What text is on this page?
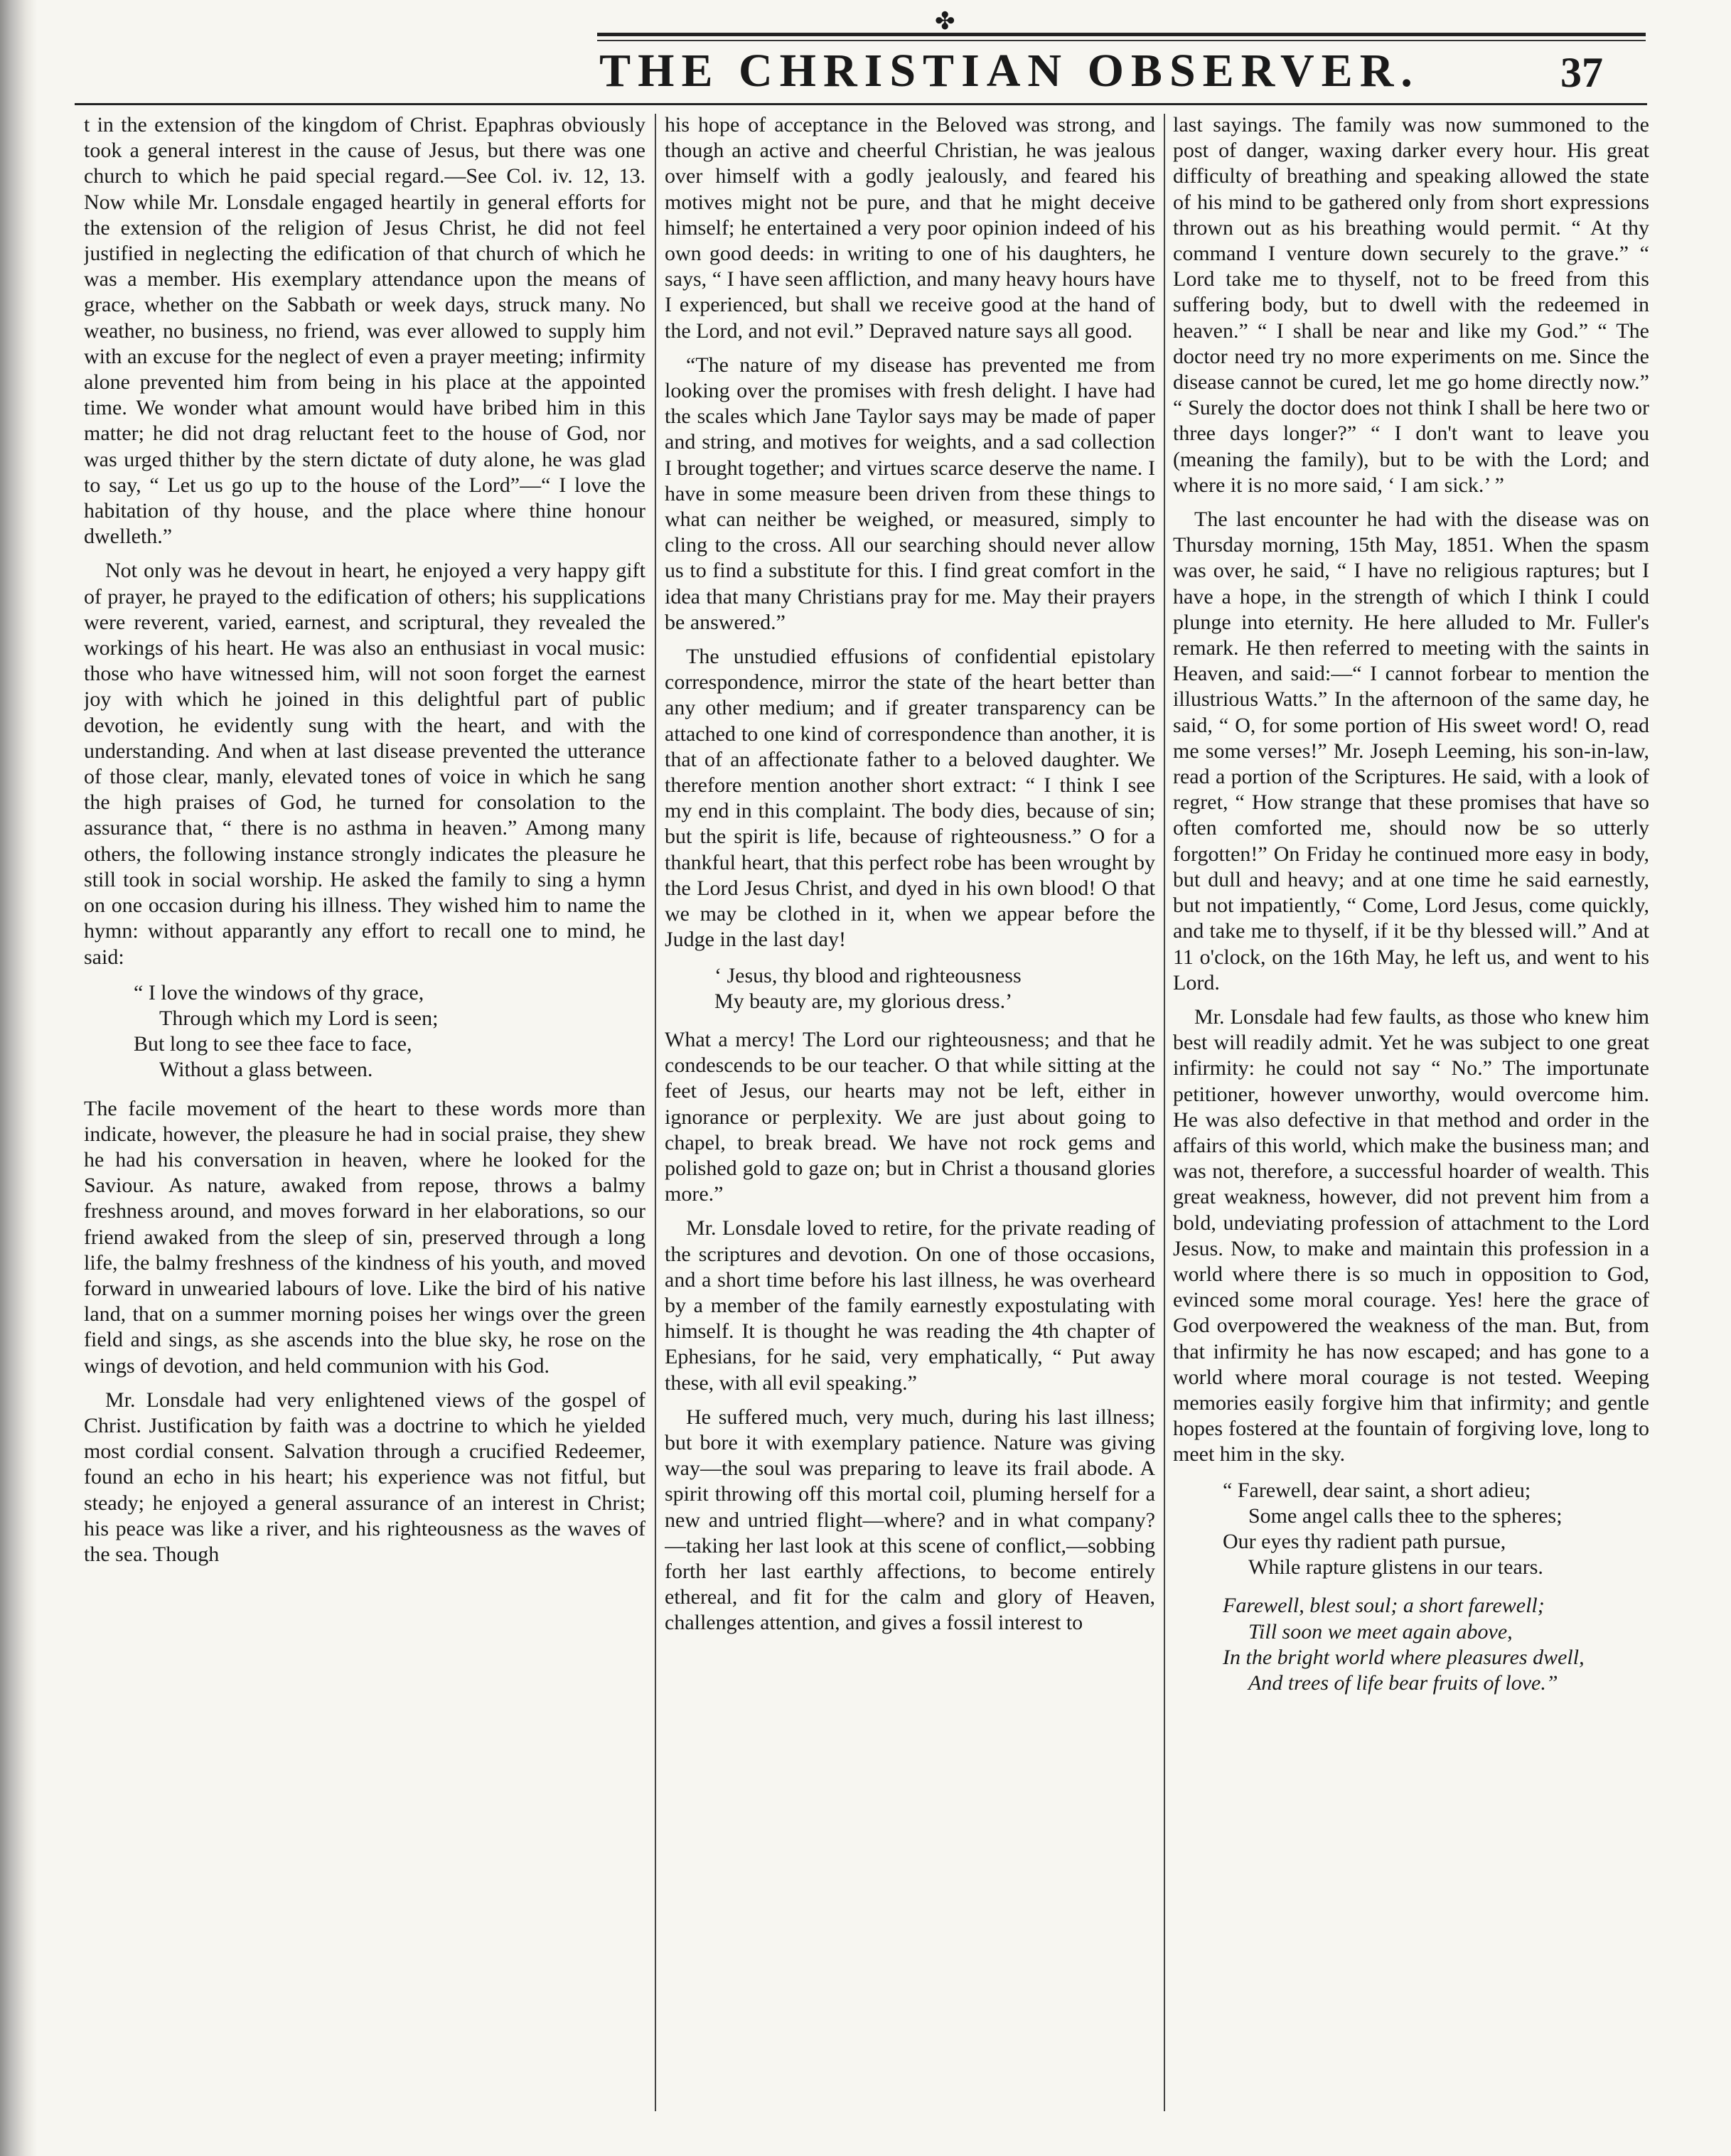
✤
THE CHRISTIAN OBSERVER.	37

t in the extension of the kingdom of Christ. Epaphras obviously took a general interest in the cause of Jesus, but there was one church to which he paid special regard.—See Col. iv. 12, 13. Now while Mr. Lonsdale engaged heartily in general efforts for the extension of the religion of Jesus Christ, he did not feel justified in neglecting the edification of that church of which he was a member. His exemplary attendance upon the means of grace, whether on the Sabbath or week days, struck many. No weather, no business, no friend, was ever allowed to supply him with an excuse for the neglect of even a prayer meeting; infirmity alone prevented him from being in his place at the appointed time. We wonder what amount would have bribed him in this matter; he did not drag reluctant feet to the house of God, nor was urged thither by the stern dictate of duty alone, he was glad to say, “ Let us go up to the house of the Lord”—“ I love the habitation of thy house, and the place where thine honour dwelleth.”

Not only was he devout in heart, he enjoyed a very happy gift of prayer, he prayed to the edification of others; his supplications were reverent, varied, earnest, and scriptural, they revealed the workings of his heart. He was also an enthusiast in vocal music: those who have witnessed him, will not soon forget the earnest joy with which he joined in this delightful part of public devotion, he evidently sung with the heart, and with the understanding. And when at last disease prevented the utterance of those clear, manly, elevated tones of voice in which he sang the high praises of God, he turned for consolation to the assurance that, “ there is no asthma in heaven.” Among many others, the following instance strongly indicates the pleasure he still took in social worship. He asked the family to sing a hymn on one occasion during his illness. They wished him to name the hymn: without apparantly any effort to recall one to mind, he said:

“ I love the windows of thy grace,
Through which my Lord is seen;
But long to see thee face to face,
Without a glass between.

The facile movement of the heart to these words more than indicate, however, the pleasure he had in social praise, they shew he had his conversation in heaven, where he looked for the Saviour. As nature, awaked from repose, throws a balmy freshness around, and moves forward in her elaborations, so our friend awaked from the sleep of sin, preserved through a long life, the balmy freshness of the kindness of his youth, and moved forward in unwearied labours of love. Like the bird of his native land, that on a summer morning poises her wings over the green field and sings, as she ascends into the blue sky, he rose on the wings of devotion, and held communion with his God.

Mr. Lonsdale had very enlightened views of the gospel of Christ. Justification by faith was a doctrine to which he yielded most cordial consent. Salvation through a crucified Redeemer, found an echo in his heart; his experience was not fitful, but steady; he enjoyed a general assurance of an interest in Christ; his peace was like a river, and his righteousness as the waves of the sea. Though

his hope of acceptance in the Beloved was strong, and though an active and cheerful Christian, he was jealous over himself with a godly jealously, and feared his motives might not be pure, and that he might deceive himself; he entertained a very poor opinion indeed of his own good deeds: in writing to one of his daughters, he says, “ I have seen affliction, and many heavy hours have I experienced, but shall we receive good at the hand of the Lord, and not evil.” Depraved nature says all good.

“The nature of my disease has prevented me from looking over the promises with fresh delight. I have had the scales which Jane Taylor says may be made of paper and string, and motives for weights, and a sad collection I brought together; and virtues scarce deserve the name. I have in some measure been driven from these things to what can neither be weighed, or measured, simply to cling to the cross. All our searching should never allow us to find a substitute for this. I find great comfort in the idea that many Christians pray for me. May their prayers be answered.”

The unstudied effusions of confidential epistolary correspondence, mirror the state of the heart better than any other medium; and if greater transparency can be attached to one kind of correspondence than another, it is that of an affectionate father to a beloved daughter. We therefore mention another short extract: “ I think I see my end in this complaint. The body dies, because of sin; but the spirit is life, because of righteousness.” O for a thankful heart, that this perfect robe has been wrought by the Lord Jesus Christ, and dyed in his own blood! O that we may be clothed in it, when we appear before the Judge in the last day!

‘ Jesus, thy blood and righteousness
My beauty are, my glorious dress.’

What a mercy! The Lord our righteousness; and that he condescends to be our teacher. O that while sitting at the feet of Jesus, our hearts may not be left, either in ignorance or perplexity. We are just about going to chapel, to break bread. We have not rock gems and polished gold to gaze on; but in Christ a thousand glories more.”

Mr. Lonsdale loved to retire, for the private reading of the scriptures and devotion. On one of those occasions, and a short time before his last illness, he was overheard by a member of the family earnestly expostulating with himself. It is thought he was reading the 4th chapter of Ephesians, for he said, very emphatically, “ Put away these, with all evil speaking.”

He suffered much, very much, during his last illness; but bore it with exemplary patience. Nature was giving way—the soul was preparing to leave its frail abode. A spirit throwing off this mortal coil, pluming herself for a new and untried flight—where? and in what company?—taking her last look at this scene of conflict,—sobbing forth her last earthly affections, to become entirely ethereal, and fit for the calm and glory of Heaven, challenges attention, and gives a fossil interest to

last sayings. The family was now summoned to the post of danger, waxing darker every hour. His great difficulty of breathing and speaking allowed the state of his mind to be gathered only from short expressions thrown out as his breathing would permit. “ At thy command I venture down securely to the grave.” “ Lord take me to thyself, not to be freed from this suffering body, but to dwell with the redeemed in heaven.” “ I shall be near and like my God.” “ The doctor need try no more experiments on me. Since the disease cannot be cured, let me go home directly now.” “ Surely the doctor does not think I shall be here two or three days longer?” “ I don't want to leave you (meaning the family), but to be with the Lord; and where it is no more said, ‘ I am sick.’ ”

The last encounter he had with the disease was on Thursday morning, 15th May, 1851. When the spasm was over, he said, “ I have no religious raptures; but I have a hope, in the strength of which I think I could plunge into eternity. He here alluded to Mr. Fuller's remark. He then referred to meeting with the saints in Heaven, and said:—“ I cannot forbear to mention the illustrious Watts.” In the afternoon of the same day, he said, “ O, for some portion of His sweet word! O, read me some verses!” Mr. Joseph Leeming, his son-in-law, read a portion of the Scriptures. He said, with a look of regret, “ How strange that these promises that have so often comforted me, should now be so utterly forgotten!” On Friday he continued more easy in body, but dull and heavy; and at one time he said earnestly, but not impatiently, “ Come, Lord Jesus, come quickly, and take me to thyself, if it be thy blessed will.” And at 11 o'clock, on the 16th May, he left us, and went to his Lord.

Mr. Lonsdale had few faults, as those who knew him best will readily admit. Yet he was subject to one great infirmity: he could not say “ No.” The importunate petitioner, however unworthy, would overcome him. He was also defective in that method and order in the affairs of this world, which make the business man; and was not, therefore, a successful hoarder of wealth. This great weakness, however, did not prevent him from a bold, undeviating profession of attachment to the Lord Jesus. Now, to make and maintain this profession in a world where there is so much in opposition to God, evinced some moral courage. Yes! here the grace of God overpowered the weakness of the man. But, from that infirmity he has now escaped; and has gone to a world where moral courage is not tested. Weeping memories easily forgive him that infirmity; and gentle hopes fostered at the fountain of forgiving love, long to meet him in the sky.

“ Farewell, dear saint, a short adieu;
Some angel calls thee to the spheres;
Our eyes thy radient path pursue,
While rapture glistens in our tears.
Farewell, blest soul; a short farewell;
Till soon we meet again above,
In the bright world where pleasures dwell,
And trees of life bear fruits of love.”
